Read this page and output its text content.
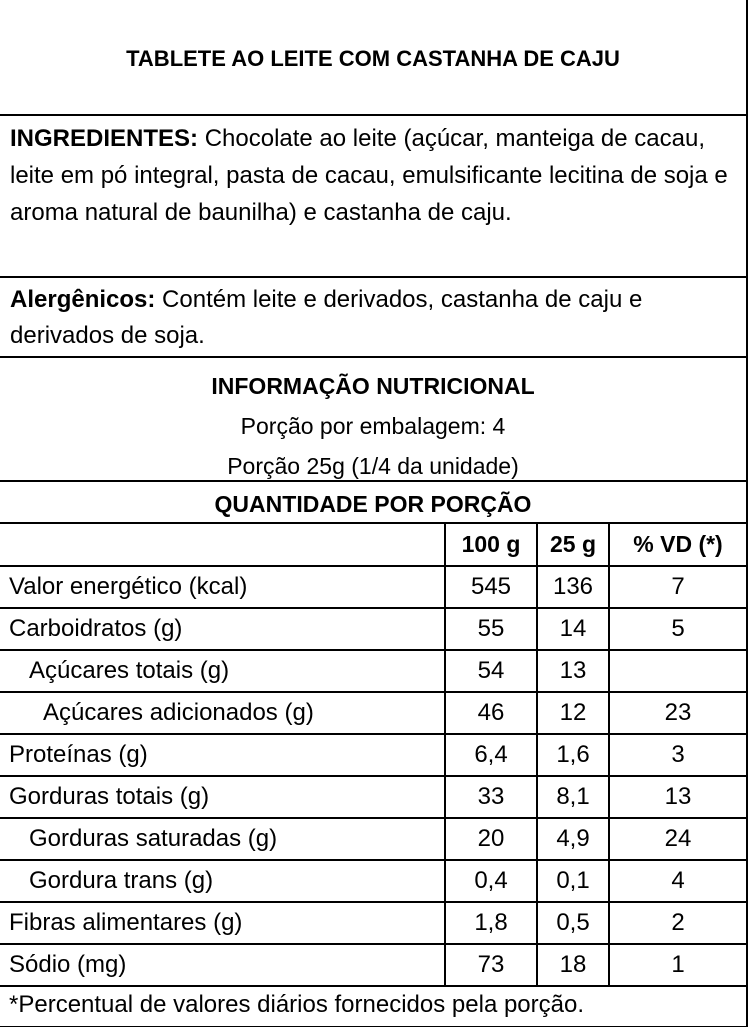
TABLETE AO LEITE COM CASTANHA DE CAJU
INGREDIENTES: Chocolate ao leite (açúcar, manteiga de cacau, leite em pó integral, pasta de cacau, emulsificante lecitina de soja e aroma natural de baunilha) e castanha de caju.
Alergênicos: Contém leite e derivados, castanha de caju e derivados de soja.
INFORMAÇÃO NUTRICIONAL
Porção por embalagem: 4
Porção 25g (1/4 da unidade)
QUANTIDADE POR PORÇÃO
	100 g	25 g	% VD (*)
Valor energético (kcal)	545	136	7
Carboidratos (g)	55	14	5
Açúcares totais (g)	54	13	
Açúcares adicionados (g)	46	12	23
Proteínas (g)	6,4	1,6	3
Gorduras totais (g)	33	8,1	13
Gorduras saturadas (g)	20	4,9	24
Gordura trans (g)	0,4	0,1	4
Fibras alimentares (g)	1,8	0,5	2
Sódio (mg)	73	18	1
*Percentual de valores diários fornecidos pela porção.
